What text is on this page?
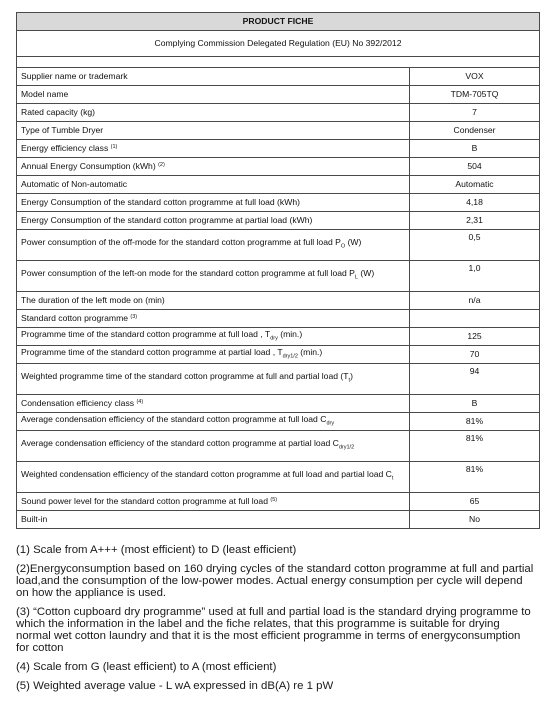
PRODUCT FICHE	
Complying Commission Delegated Regulation (EU) No 392/2012	

Supplier name or trademark	VOX
Model name	TDM-705TQ
Rated capacity (kg)	7
Type of Tumble Dryer	Condenser
Energy efficiency class $^{(1)}$	B
Annual Energy Consumption (kWh) $^{(2)}$	504
Automatic of Non-automatic	Automatic
Energy Consumption of the standard cotton programme at full load (kWh)	4,18
Energy Consumption of the standard cotton programme at partial load (kWh)	2,31
Power consumption of the off-mode for the standard cotton programme at full load $P_O$ (W)	0,5
Power consumption of the left-on mode for the standard cotton programme at full load $P_L$ (W)	1,0
The duration of the left mode on (min)	n/a
Standard cotton programme $^{(3)}$	
Programme time of the standard cotton programme at full load , $T_{dry}$ (min.)	125
Programme time of the standard cotton programme at partial load , $T_{dry1/2}$ (min.)	70
Weighted programme time of the standard cotton programme at full and partial load $(T_t)$	94
Condensation efficiency class $^{(4)}$	B
Average condensation efficiency of the standard cotton programme at full load $C_{dry}$	81%
Average condensation efficiency of the standard cotton programme at partial load $C_{dry1/2}$	81%
Weighted condensation efficiency of the standard cotton programme at full load and partial load $C_t$	81%
Sound power level for the standard cotton programme at full load $^{(5)}$	65
Built-in	No

(1) Scale from A+++ (most efficient) to D (least efficient)

(2)Energyconsumption based on 160 drying cycles of the standard cotton programme at full and partial load,and the consumption of the low-power modes. Actual energy consumption per cycle will depend on how the appliance is used.

(3) “Cotton cupboard dry programme” used at full and partial load is the standard drying programme to which the information in the label and the fiche relates, that this programme is suitable for drying normal wet cotton laundry and that it is the most efficient programme in terms of energyconsumption for cotton

(4) Scale from G (least efficient) to A (most efficient)

(5) Weighted average value - L wA expressed in dB(A) re 1 pW
